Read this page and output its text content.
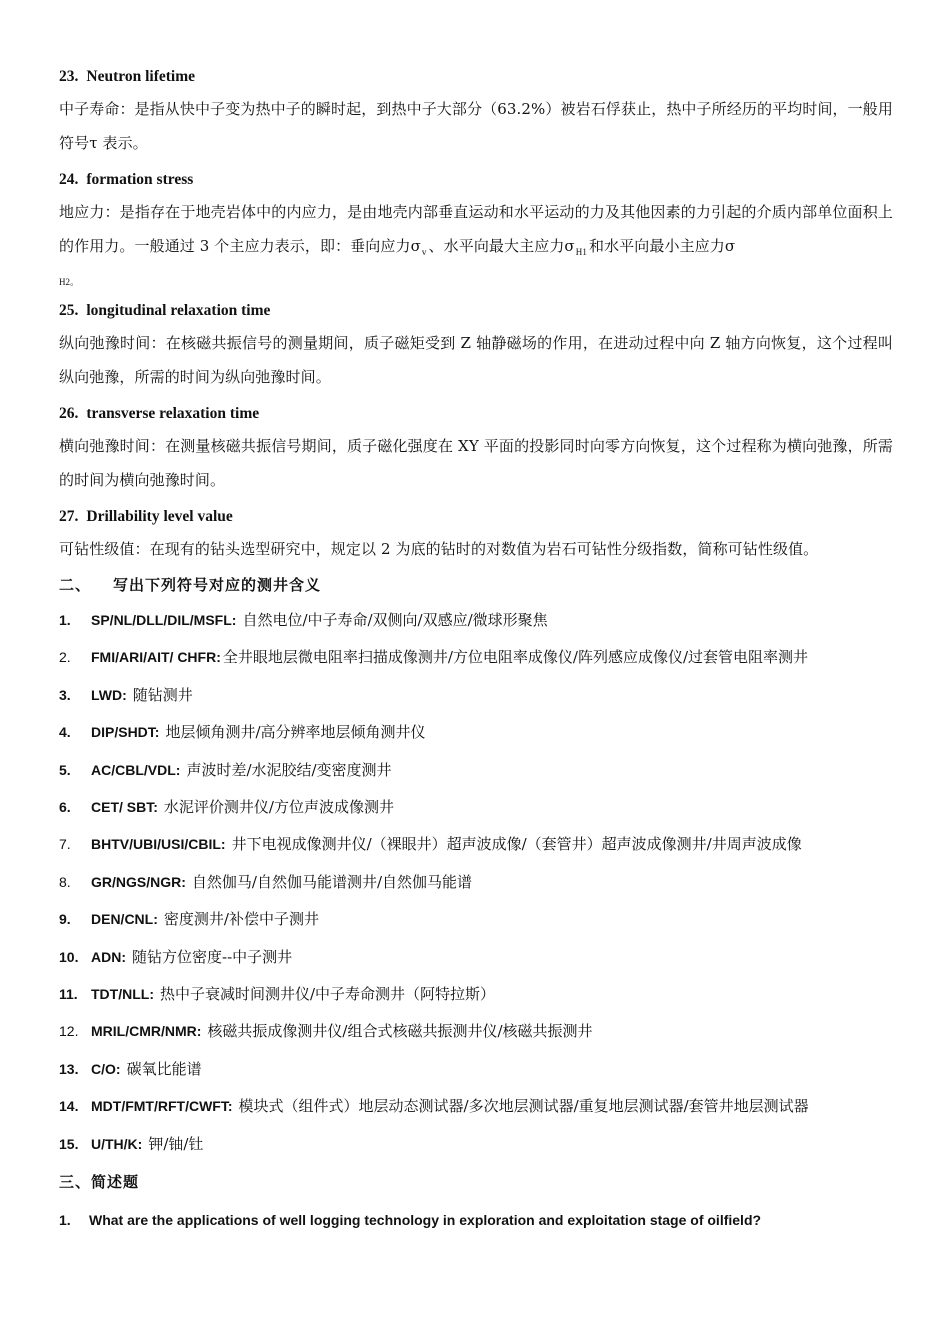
23. Neutron lifetime
中子寿命：是指从快中子变为热中子的瞬时起，到热中子大部分（63.2%）被岩石俘获止，热中子所经历的平均时间，一般用符号τ 表示。
24. formation stress
地应力：是指存在于地壳岩体中的内应力，是由地壳内部垂直运动和水平运动的力及其他因素的力引起的介质内部单位面积上的作用力。一般通过 3 个主应力表示，即：垂向应力$\sigma_v$ 、水平向最大主应力$\sigma_{H1}$ 和水平向最小主应力σ
H2。
25. longitudinal relaxation time
纵向弛豫时间：在核磁共振信号的测量期间，质子磁矩受到 Z 轴静磁场的作用，在进动过程中向 Z 轴方向恢复，这个过程叫纵向弛豫，所需的时间为纵向弛豫时间。
26. transverse relaxation time
横向弛豫时间：在测量核磁共振信号期间，质子磁化强度在 XY 平面的投影同时向零方向恢复，这个过程称为横向弛豫，所需的时间为横向弛豫时间。
27. Drillability level value
可钻性级值：在现有的钻头选型研究中，规定以 2 为底的钻时的对数值为岩石可钻性分级指数，简称可钻性级值。
二、 写出下列符号对应的测井含义
1.	SP/NL/DLL/DIL/MSFL: 自然电位/中子寿命/双侧向/双感应/微球形聚焦
2.	FMI/ARI/AIT/ CHFR: 全井眼地层微电阻率扫描成像测井/方位电阻率成像仪/阵列感应成像仪/过套管电阻率测井
3.	LWD: 随钻测井
4.	DIP/SHDT: 地层倾角测井/高分辨率地层倾角测井仪
5.	AC/CBL/VDL: 声波时差/水泥胶结/变密度测井
6.	CET/ SBT: 水泥评价测井仪/方位声波成像测井
7.	BHTV/UBI/USI/CBIL: 井下电视成像测井仪/（裸眼井）超声波成像/（套管井）超声波成像测井/井周声波成像
8.	GR/NGS/NGR: 自然伽马/自然伽马能谱测井/自然伽马能谱
9.	DEN/CNL: 密度测井/补偿中子测井
10. ADN: 随钻方位密度--中子测井
11. TDT/NLL: 热中子衰减时间测井仪/中子寿命测井（阿特拉斯）
12. MRIL/CMR/NMR: 核磁共振成像测井仪/组合式核磁共振测井仪/核磁共振测井
13. C/O: 碳氧比能谱
14. MDT/FMT/RFT/CWFT: 模块式（组件式）地层动态测试器/多次地层测试器/重复地层测试器/套管井地层测试器
15. U/TH/K: 钾/铀/钍
三、简述题
1.	What are the applications of well logging technology in exploration and exploitation stage of oilfield?
